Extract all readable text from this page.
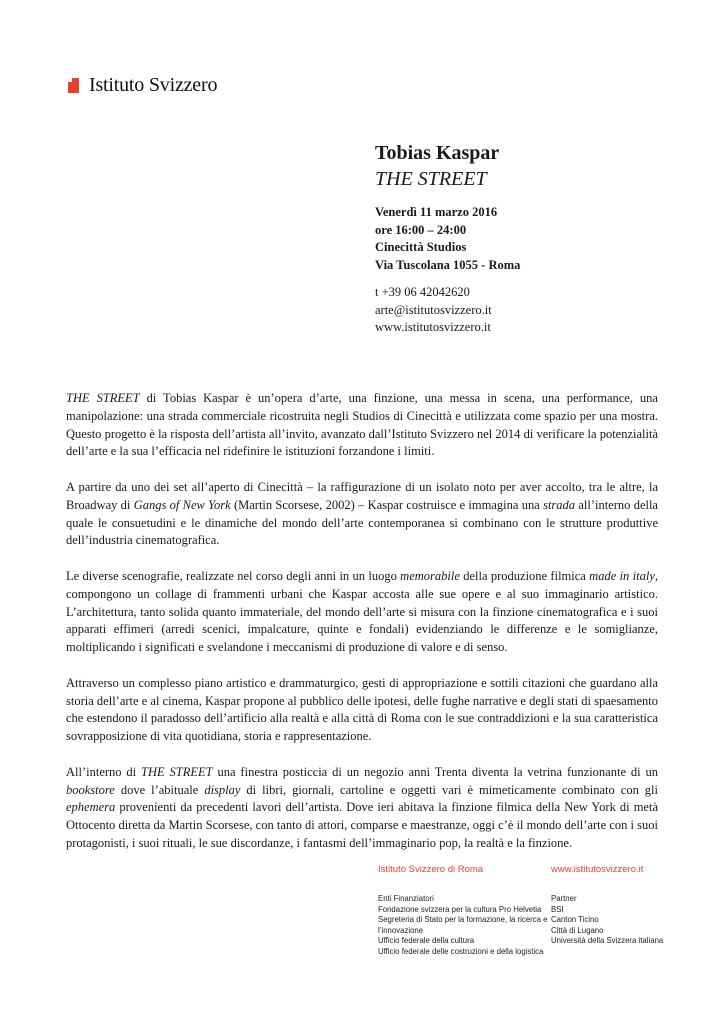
Istituto Svizzero
Tobias Kaspar
THE STREET
Venerdì 11 marzo 2016
ore 16:00 – 24:00
Cinecittà Studios
Via Tuscolana 1055 - Roma
t +39 06 42042620
arte@istitutosvizzero.it
www.istitutosvizzero.it

THE STREET di Tobias Kaspar è un’opera d’arte, una finzione, una messa in scena, una performance, una manipolazione: una strada commerciale ricostruita negli Studios di Cinecittà e utilizzata come spazio per una mostra. Questo progetto è la risposta dell’artista all’invito, avanzato dall’Istituto Svizzero nel 2014 di verificare la potenzialità dell’arte e la sua l’efficacia nel ridefinire le istituzioni forzandone i limiti.

A partire da uno dei set all’aperto di Cinecittà – la raffigurazione di un isolato noto per aver accolto, tra le altre, la Broadway di Gangs of New York (Martin Scorsese, 2002) – Kaspar costruisce e immagina una strada all’interno della quale le consuetudini e le dinamiche del mondo dell’arte contemporanea si combinano con le strutture produttive dell’industria cinematografica.

Le diverse scenografie, realizzate nel corso degli anni in un luogo memorabile della produzione filmica made in italy, compongono un collage di frammenti urbani che Kaspar accosta alle sue opere e al suo immaginario artistico. L’architettura, tanto solida quanto immateriale, del mondo dell’arte si misura con la finzione cinematografica e i suoi apparati effimeri (arredi scenici, impalcature, quinte e fondali) evidenziando le differenze e le somiglianze, moltiplicando i significati e svelandone i meccanismi di produzione di valore e di senso.

Attraverso un complesso piano artistico e drammaturgico, gesti di appropriazione e sottili citazioni che guardano alla storia dell’arte e al cinema, Kaspar propone al pubblico delle ipotesi, delle fughe narrative e degli stati di spaesamento che estendono il paradosso dell’artificio alla realtà e alla città di Roma con le sue contraddizioni e la sua caratteristica sovrapposizione di vita quotidiana, storia e rappresentazione.

All’interno di THE STREET una finestra posticcia di un negozio anni Trenta diventa la vetrina funzionante di un bookstore dove l’abituale display di libri, giornali, cartoline e oggetti vari è mimeticamente combinato con gli ephemera provenienti da precedenti lavori dell’artista. Dove ieri abitava la finzione filmica della New York di metà Ottocento diretta da Martin Scorsese, con tanto di attori, comparse e maestranze, oggi c’è il mondo dell’arte con i suoi protagonisti, i suoi rituali, le sue discordanze, i fantasmi dell’immaginario pop, la realtà e la finzione.

Istituto Svizzero di Roma
Enti Finanziatori
Fondazione svizzera per la cultura Pro Helvetia
Segreteria di Stato per la formazione, la ricerca e
l’innovazione
Ufficio federale della cultura
Ufficio federale delle costruzioni e della logistica
www.istitutosvizzero.it
Partner
BSI
Canton Ticino
Città di Lugano
Università della Svizzera italiana
